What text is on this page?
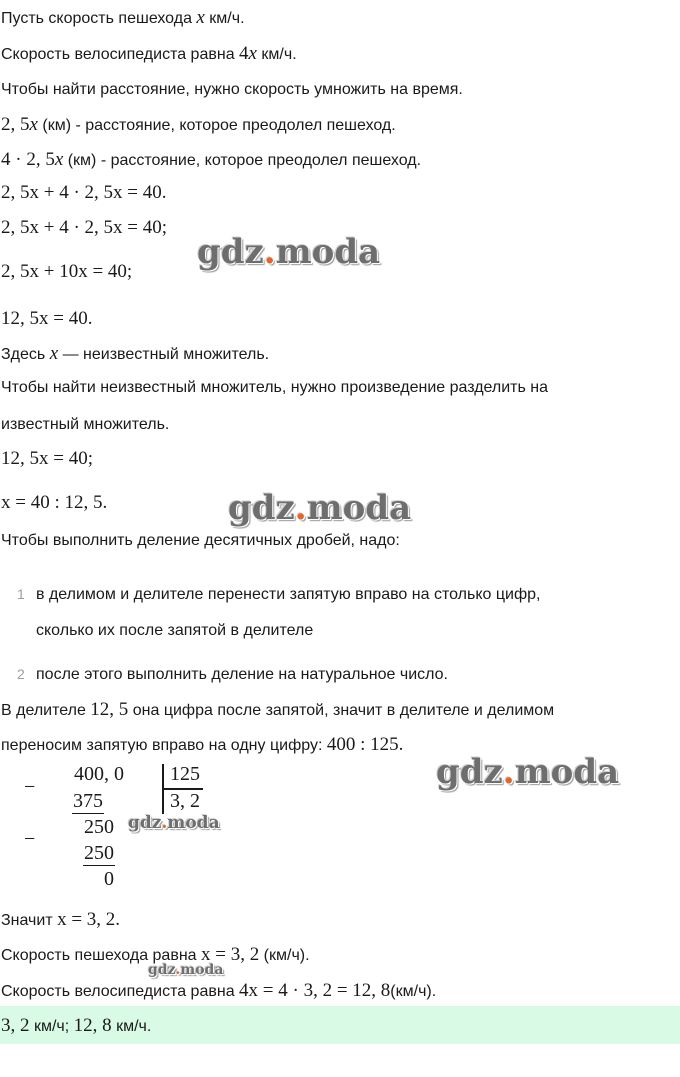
Пусть скорость пешехода x км/ч.
Скорость велосипедиста равна 4x км/ч.
Чтобы найти расстояние, нужно скорость умножить на время.
2, 5x (км) - расстояние, которое преодолел пешеход.
4 · 2, 5x (км) - расстояние, которое преодолел пешеход.
2, 5x + 4 · 2, 5x = 40.
2, 5x + 4 · 2, 5x = 40;
2, 5x + 10x = 40;
12, 5x = 40.
gdz.moda
Здесь x — неизвестный множитель.
Чтобы найти неизвестный множитель, нужно произведение разделить на
известный множитель.
12, 5x = 40;
x = 40 : 12, 5.	gdz.moda
Чтобы выполнить деление десятичных дробей, надо:
1 в делимом и делителе перенести запятую вправо на столько цифр,
сколько их после запятой в делителе
2 после этого выполнить деление на натуральное число.
В делителе 12, 5 она цифра после запятой, значит в делителе и делимом
переносим запятую вправо на одну цифру: 400 : 125.
gdz.moda
−
400, 0
375
−
250
250
0
125
3, 2
gdz.moda
Значит x = 3, 2.
Скорость пешехода равна x = 3, 2 (км/ч).
gdz.moda
Скорость велосипедиста равна 4x = 4 · 3, 2 = 12, 8(км/ч).
3, 2 км/ч; 12, 8 км/ч.
